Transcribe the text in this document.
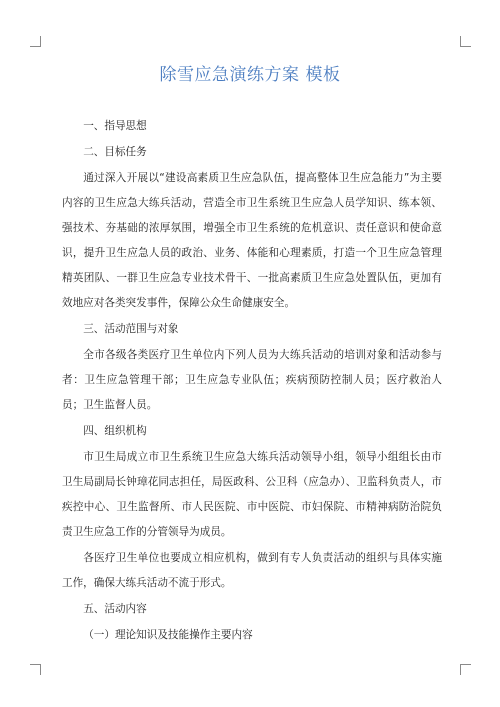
除雪应急演练方案 模板

一、指导思想

二、目标任务

通过深入开展以“建设高素质卫生应急队伍，提高整体卫生应急能力”为主要内容的卫生应急大练兵活动，营造全市卫生系统卫生应急人员学知识、练本领、强技术、夯基础的浓厚氛围，增强全市卫生系统的危机意识、责任意识和使命意识，提升卫生应急人员的政治、业务、体能和心理素质，打造一个卫生应急管理精英团队、一群卫生应急专业技术骨干、一批高素质卫生应急处置队伍，更加有效地应对各类突发事件，保障公众生命健康安全。

三、活动范围与对象

全市各级各类医疗卫生单位内下列人员为大练兵活动的培训对象和活动参与者：卫生应急管理干部；卫生应急专业队伍；疾病预防控制人员；医疗救治人员；卫生监督人员。

四、组织机构

市卫生局成立市卫生系统卫生应急大练兵活动领导小组，领导小组组长由市卫生局副局长钟璋花同志担任，局医政科、公卫科（应急办）、卫监科负责人，市疾控中心、卫生监督所、市人民医院、市中医院、市妇保院、市精神病防治院负责卫生应急工作的分管领导为成员。

各医疗卫生单位也要成立相应机构，做到有专人负责活动的组织与具体实施工作，确保大练兵活动不流于形式。

五、活动内容

（一）理论知识及技能操作主要内容
